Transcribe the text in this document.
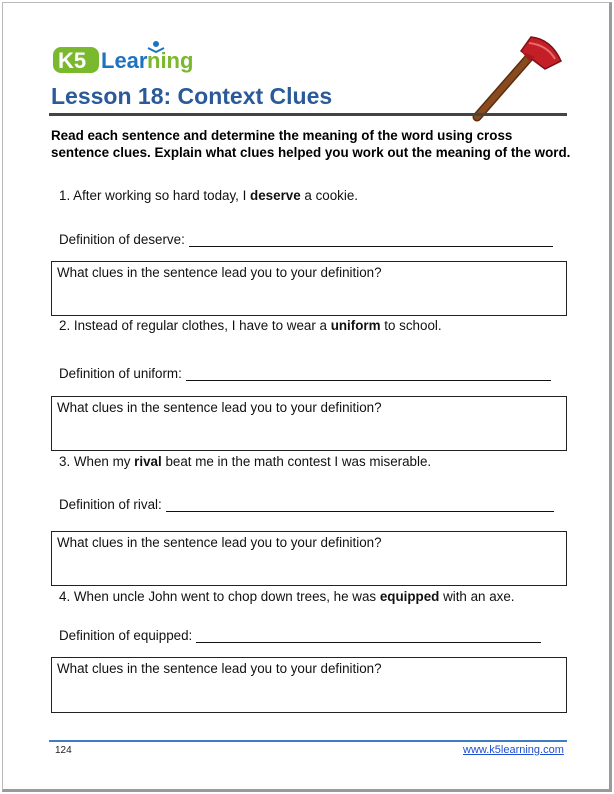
K5 Lear ning
Lesson 18: Context Clues
Read each sentence and determine the meaning of the word using cross
sentence clues. Explain what clues helped you work out the meaning of the word.
1. After working so hard today, I deserve a cookie.
Definition of deserve:
What clues in the sentence lead you to your definition?
2. Instead of regular clothes, I have to wear a uniform to school.
Definition of uniform:
What clues in the sentence lead you to your definition?
3. When my rival beat me in the math contest I was miserable.
Definition of rival:
What clues in the sentence lead you to your definition?
4. When uncle John went to chop down trees, he was equipped with an axe.
Definition of equipped:
What clues in the sentence lead you to your definition?
124	www.k5learning.com
